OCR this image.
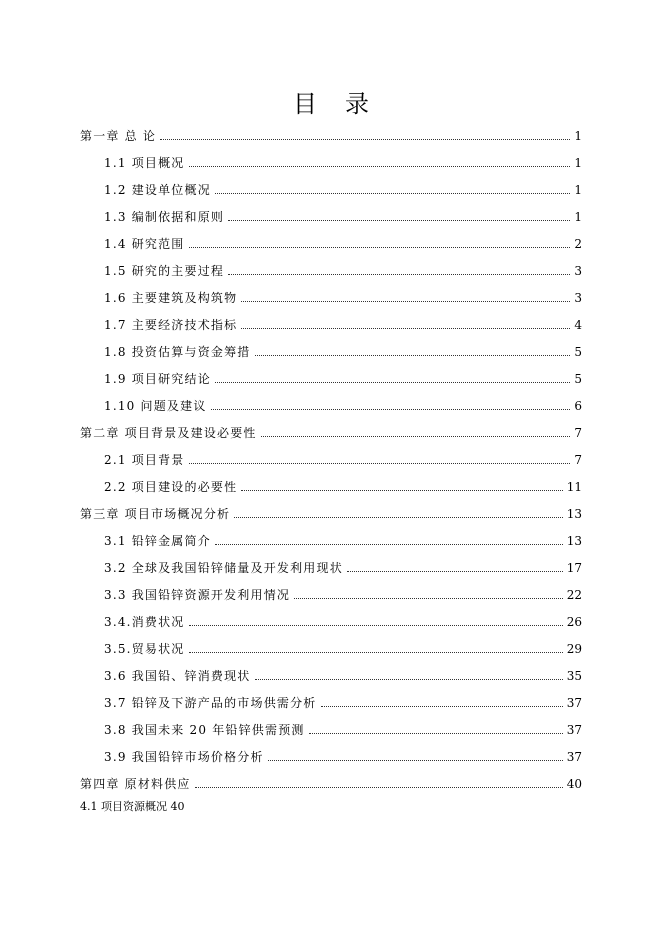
目 录
第一章 总 论	1
1.1 项目概况	1
1.2 建设单位概况	1
1.3 编制依据和原则	1
1.4 研究范围	2
1.5 研究的主要过程	3
1.6 主要建筑及构筑物	3
1.7 主要经济技术指标	4
1.8 投资估算与资金筹措	5
1.9 项目研究结论	5
1.10 问题及建议	6
第二章 项目背景及建设必要性	7
2.1 项目背景	7
2.2 项目建设的必要性	11
第三章 项目市场概况分析	13
3.1 铅锌金属简介	13
3.2 全球及我国铅锌储量及开发利用现状	17
3.3 我国铅锌资源开发利用情况	22
3.4.消费状况	26
3.5.贸易状况	29
3.6 我国铅、锌消费现状	35
3.7 铅锌及下游产品的市场供需分析	37
3.8 我国未来 20 年铅锌供需预测	37
3.9 我国铅锌市场价格分析	37
第四章 原材料供应	40
4.1 项目资源概况 40
